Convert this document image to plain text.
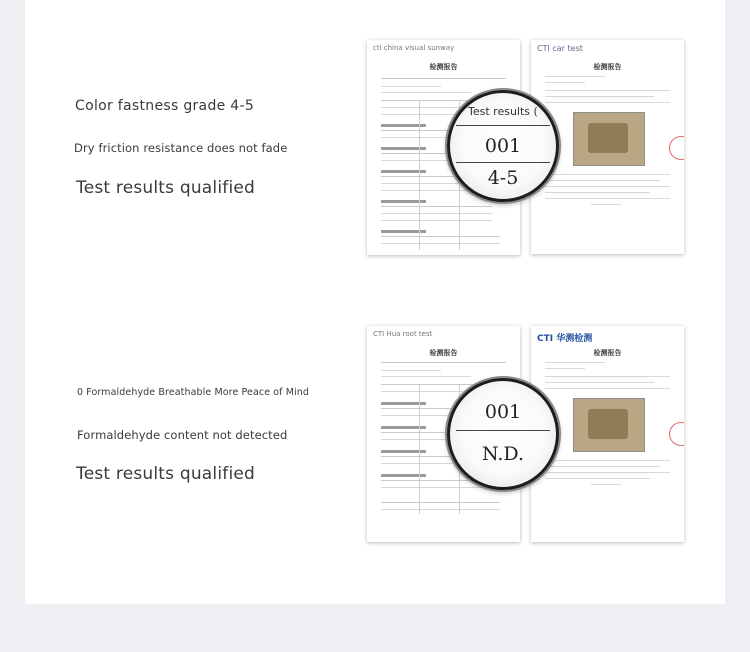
Color fastness grade 4-5
Dry friction resistance does not fade
Test results qualified
cti china visual sunway
检测报告
CTI car test
检测报告
Test results (
001
4-5
0 Formaldehyde Breathable More Peace of Mind
Formaldehyde content not detected
Test results qualified
CTI Hua root test
检测报告
CTI 华测检测
检测报告
001
N.D.
